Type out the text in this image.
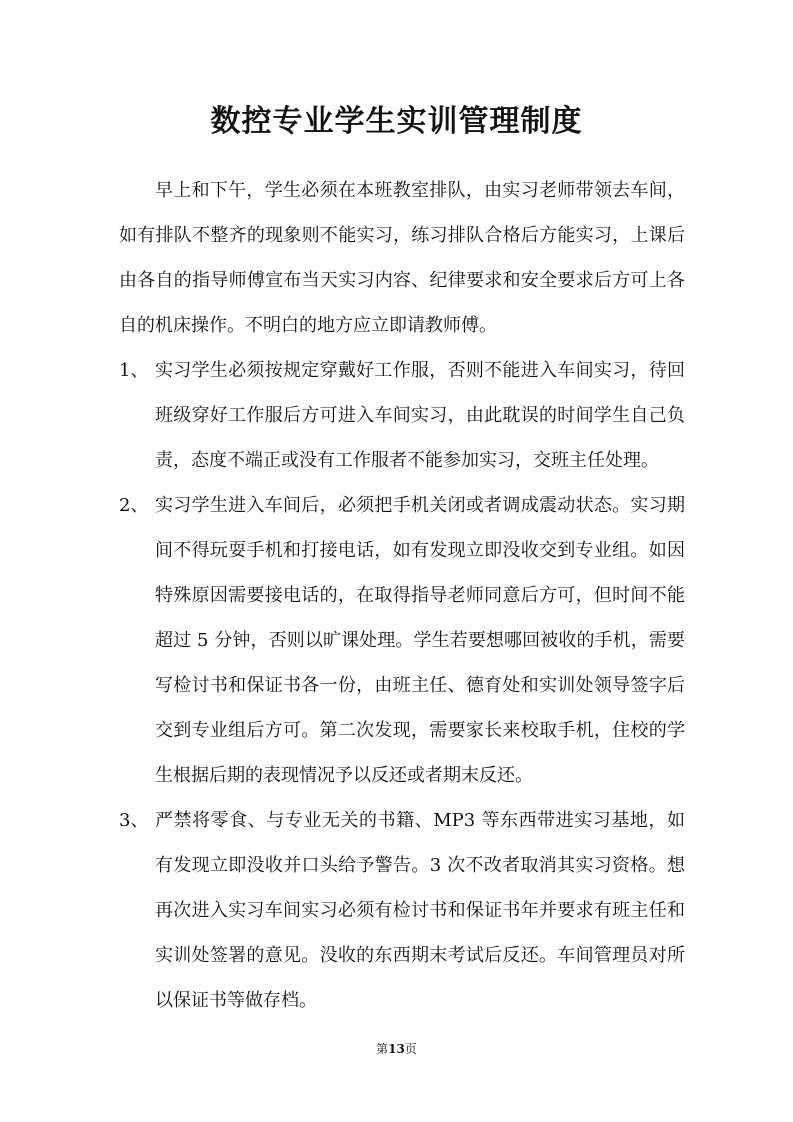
数控专业学生实训管理制度

早上和下午，学生必须在本班教室排队，由实习老师带领去车间，如有排队不整齐的现象则不能实习，练习排队合格后方能实习，上课后由各自的指导师傅宣布当天实习内容、纪律要求和安全要求后方可上各自的机床操作。不明白的地方应立即请教师傅。

1、 实习学生必须按规定穿戴好工作服，否则不能进入车间实习，待回班级穿好工作服后方可进入车间实习，由此耽误的时间学生自己负责，态度不端正或没有工作服者不能参加实习，交班主任处理。
2、 实习学生进入车间后，必须把手机关闭或者调成震动状态。实习期间不得玩耍手机和打接电话，如有发现立即没收交到专业组。如因特殊原因需要接电话的，在取得指导老师同意后方可，但时间不能超过 5 分钟，否则以旷课处理。学生若要想哪回被收的手机，需要写检讨书和保证书各一份，由班主任、德育处和实训处领导签字后交到专业组后方可。第二次发现，需要家长来校取手机，住校的学生根据后期的表现情况予以反还或者期末反还。
3、 严禁将零食、与专业无关的书籍、MP3 等东西带进实习基地，如有发现立即没收并口头给予警告。3 次不改者取消其实习资格。想再次进入实习车间实习必须有检讨书和保证书年并要求有班主任和实训处签署的意见。没收的东西期末考试后反还。车间管理员对所以保证书等做存档。
第13页
